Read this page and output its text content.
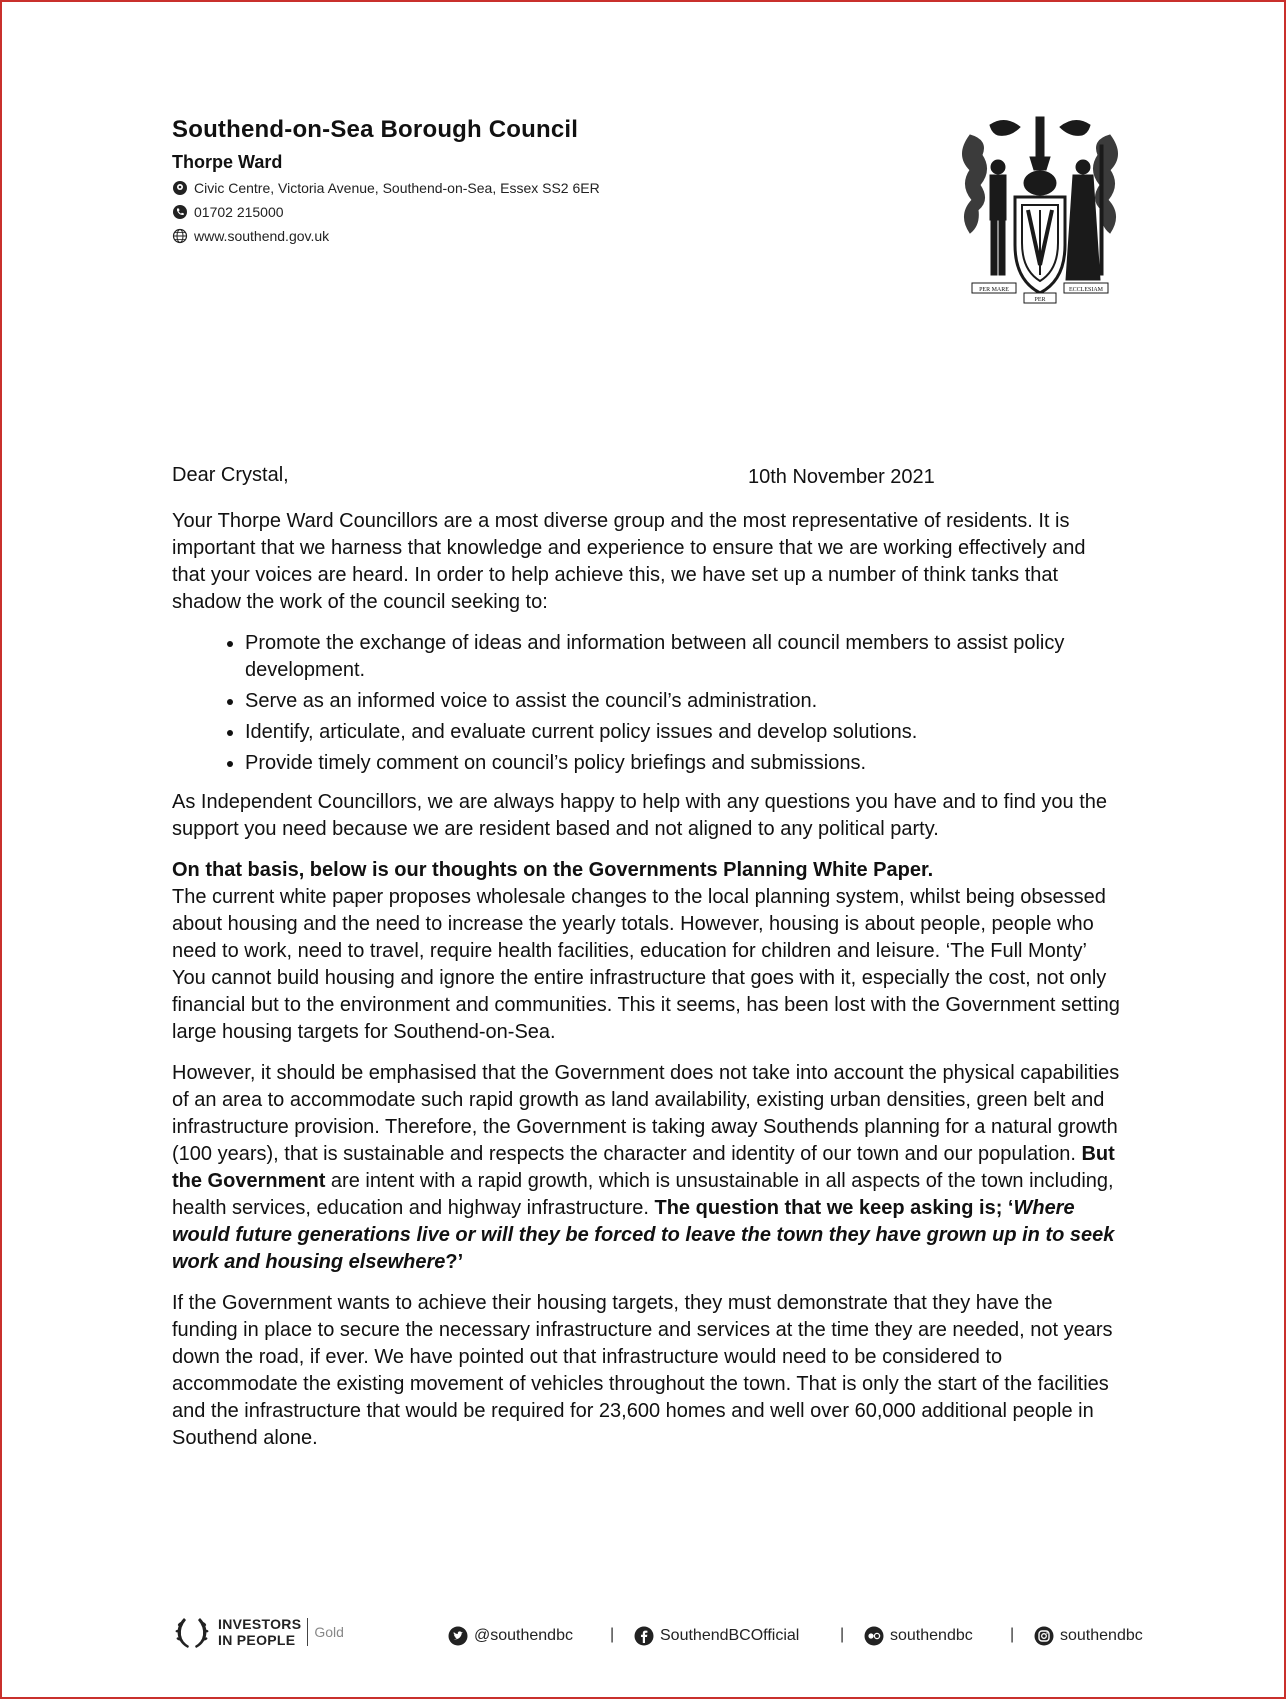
Southend-on-Sea Borough Council
Thorpe Ward
Civic Centre, Victoria Avenue, Southend-on-Sea, Essex SS2 6ER
01702 215000
www.southend.gov.uk
PER MARE
PER
ECCLESIAM
Dear Crystal,	10th November 2021

Your Thorpe Ward Councillors are a most diverse group and the most representative of residents. It is important that we harness that knowledge and experience to ensure that we are working effectively and that your voices are heard. In order to help achieve this, we have set up a number of think tanks that shadow the work of the council seeking to:

• Promote the exchange of ideas and information between all council members to assist policy development.
• Serve as an informed voice to assist the council’s administration.
• Identify, articulate, and evaluate current policy issues and develop solutions.
• Provide timely comment on council’s policy briefings and submissions.

As Independent Councillors, we are always happy to help with any questions you have and to find you the support you need because we are resident based and not aligned to any political party.

On that basis, below is our thoughts on the Governments Planning White Paper.
The current white paper proposes wholesale changes to the local planning system, whilst being obsessed about housing and the need to increase the yearly totals. However, housing is about people, people who need to work, need to travel, require health facilities, education for children and leisure. ‘The Full Monty’ You cannot build housing and ignore the entire infrastructure that goes with it, especially the cost, not only financial but to the environment and communities. This it seems, has been lost with the Government setting large housing targets for Southend-on-Sea.

However, it should be emphasised that the Government does not take into account the physical capabilities of an area to accommodate such rapid growth as land availability, existing urban densities, green belt and infrastructure provision. Therefore, the Government is taking away Southends planning for a natural growth (100 years), that is sustainable and respects the character and identity of our town and our population. But the Government are intent with a rapid growth, which is unsustainable in all aspects of the town including, health services, education and highway infrastructure. The question that we keep asking is; ‘Where would future generations live or will they be forced to leave the town they have grown up in to seek work and housing elsewhere?’

If the Government wants to achieve their housing targets, they must demonstrate that they have the funding in place to secure the necessary infrastructure and services at the time they are needed, not years down the road, if ever. We have pointed out that infrastructure would need to be considered to accommodate the existing movement of vehicles throughout the town. That is only the start of the facilities and the infrastructure that would be required for 23,600 homes and well over 60,000 additional people in Southend alone.

INVESTORS
IN PEOPLE	Gold	@southendbc |	SouthendBCOfficial	|	southendbc |	southendbc
